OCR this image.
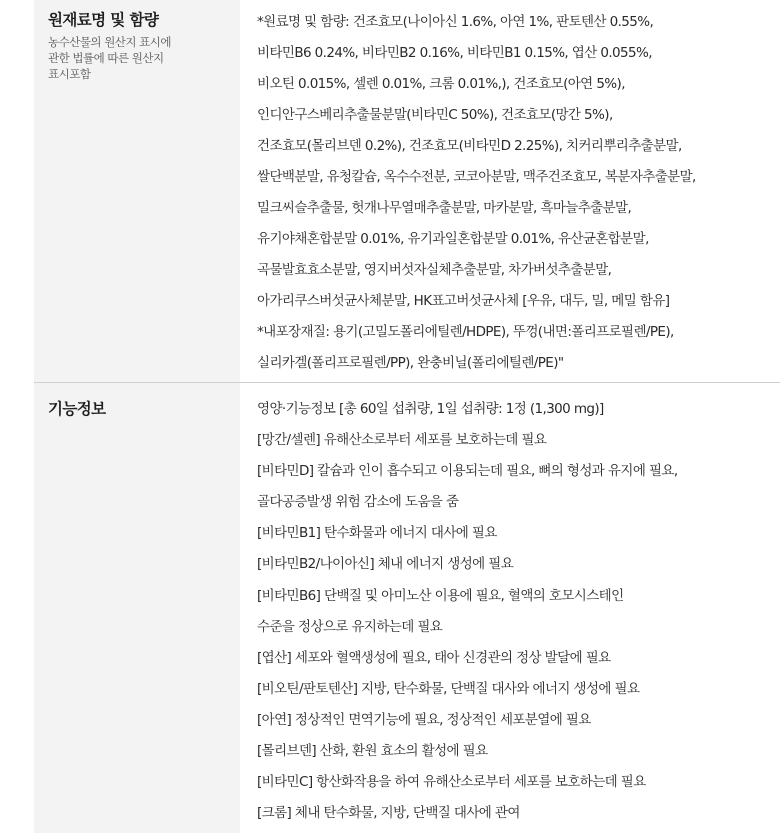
원재료명 및 함량
농수산물의 원산지 표시에
관한 법률에 따른 원산지
표시포함
*원료명 및 함량: 건조효모(나이아신 1.6%, 아연 1%, 판토텐산 0.55%,
비타민B6 0.24%, 비타민B2 0.16%, 비타민B1 0.15%, 엽산 0.055%,
비오틴 0.015%, 셀렌 0.01%, 크롬 0.01%,), 건조효모(아연 5%),
인디안구스베리추출물분말(비타민C 50%), 건조효모(망간 5%),
건조효모(몰리브덴 0.2%), 건조효모(비타민D 2.25%), 치커리뿌리추출분말,
쌀단백분말, 유청칼슘, 옥수수전분, 코코아분말, 맥주건조효모, 복분자추출분말,
밀크씨슬추출물, 헛개나무열매추출분말, 마카분말, 흑마늘추출분말,
유기야채혼합분말 0.01%, 유기과일혼합분말 0.01%, 유산균혼합분말,
곡물발효효소분말, 영지버섯자실체추출분말, 차가버섯추출분말,
아가리쿠스버섯균사체분말, HK표고버섯균사체 [우유, 대두, 밀, 메밀 함유]
*내포장재질: 용기(고밀도폴리에틸렌/HDPE), 뚜껑(내면:폴리프로필렌/PE),
실리카겔(폴리프로필렌/PP), 완충비닐(폴리에틸렌/PE)"
기능정보	영양·기능정보 [총 60일 섭취량, 1일 섭취량: 1정 (1,300 mg)]
[망간/셀렌] 유해산소로부터 세포를 보호하는데 필요
[비타민D] 칼슘과 인이 흡수되고 이용되는데 필요, 뼈의 형성과 유지에 필요,
골다공증발생 위험 감소에 도움을 줌
[비타민B1] 탄수화물과 에너지 대사에 필요
[비타민B2/나이아신] 체내 에너지 생성에 필요
[비타민B6] 단백질 및 아미노산 이용에 필요, 혈액의 호모시스테인
수준을 정상으로 유지하는데 필요
[엽산] 세포와 혈액생성에 필요, 태아 신경관의 정상 발달에 필요
[비오틴/판토텐산] 지방, 탄수화물, 단백질 대사와 에너지 생성에 필요
[아연] 정상적인 면역기능에 필요, 정상적인 세포분열에 필요
[몰리브덴] 산화, 환원 효소의 활성에 필요
[비타민C] 항산화작용을 하여 유해산소로부터 세포를 보호하는데 필요
[크롬] 체내 탄수화물, 지방, 단백질 대사에 관여
